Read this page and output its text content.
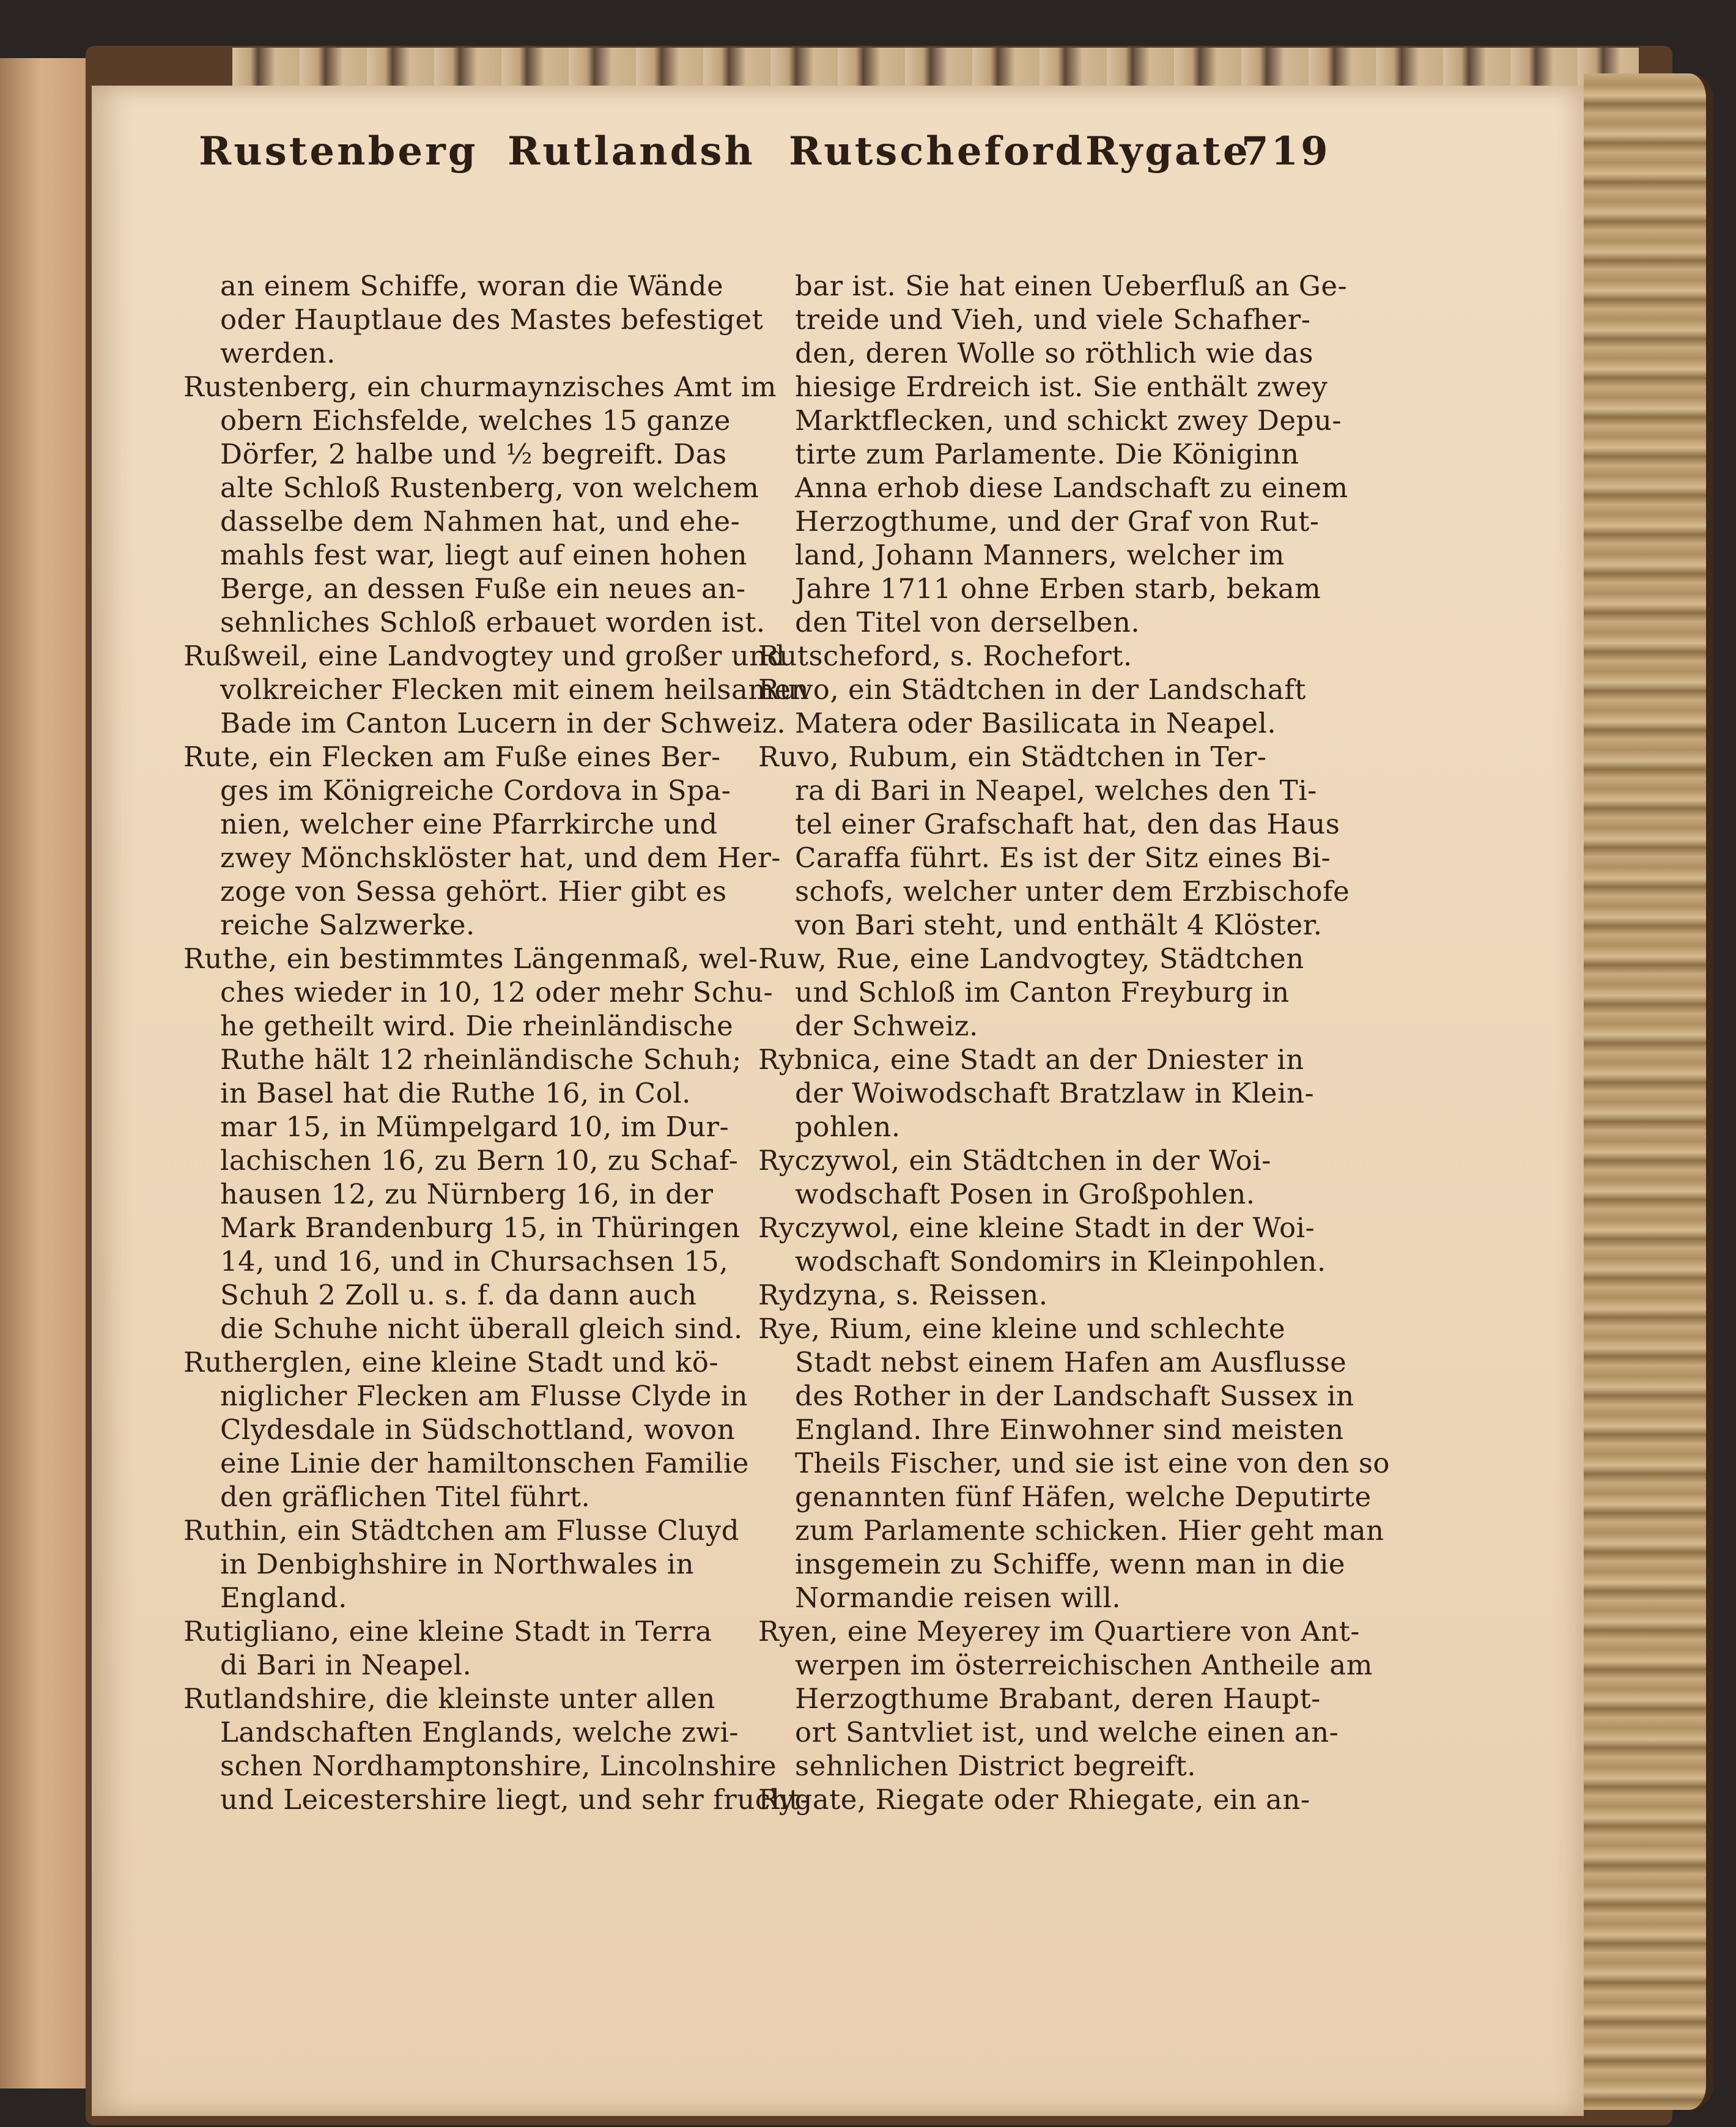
Rustenberg Rutlandsh Rutscheford Rygate
719
an einem Schiffe, woran die Wände
oder Hauptlaue des Mastes befestiget
werden.
Rustenberg, ein churmaynzisches Amt im
obern Eichsfelde, welches 15 ganze
Dörfer, 2 halbe und ½ begreift. Das
alte Schloß Rustenberg, von welchem
dasselbe dem Nahmen hat, und ehe-
mahls fest war, liegt auf einen hohen
Berge, an dessen Fuße ein neues an-
sehnliches Schloß erbauet worden ist.
Rußweil, eine Landvogtey und großer und
volkreicher Flecken mit einem heilsamen
Bade im Canton Lucern in der Schweiz.
Rute, ein Flecken am Fuße eines Ber-
ges im Königreiche Cordova in Spa-
nien, welcher eine Pfarrkirche und
zwey Mönchsklöster hat, und dem Her-
zoge von Sessa gehört. Hier gibt es
reiche Salzwerke.
Ruthe, ein bestimmtes Längenmaß, wel-
ches wieder in 10, 12 oder mehr Schu-
he getheilt wird. Die rheinländische
Ruthe hält 12 rheinländische Schuh;
in Basel hat die Ruthe 16, in Col.
mar 15, in Mümpelgard 10, im Dur-
lachischen 16, zu Bern 10, zu Schaf-
hausen 12, zu Nürnberg 16, in der
Mark Brandenburg 15, in Thüringen
14, und 16, und in Chursachsen 15,
Schuh 2 Zoll u. s. f. da dann auch
die Schuhe nicht überall gleich sind.
Rutherglen, eine kleine Stadt und kö-
niglicher Flecken am Flusse Clyde in
Clydesdale in Südschottland, wovon
eine Linie der hamiltonschen Familie
den gräflichen Titel führt.
Ruthin, ein Städtchen am Flusse Cluyd
in Denbighshire in Northwales in
England.
Rutigliano, eine kleine Stadt in Terra
di Bari in Neapel.
Rutlandshire, die kleinste unter allen
Landschaften Englands, welche zwi-
schen Nordhamptonshire, Lincolnshire
und Leicestershire liegt, und sehr frucht-
bar ist. Sie hat einen Ueberfluß an Ge-
treide und Vieh, und viele Schafher-
den, deren Wolle so röthlich wie das
hiesige Erdreich ist. Sie enthält zwey
Marktflecken, und schickt zwey Depu-
tirte zum Parlamente. Die Königinn
Anna erhob diese Landschaft zu einem
Herzogthume, und der Graf von Rut-
land, Johann Manners, welcher im
Jahre 1711 ohne Erben starb, bekam
den Titel von derselben.
Rutscheford, s. Rochefort.
Ruvo, ein Städtchen in der Landschaft
Matera oder Basilicata in Neapel.
Ruvo, Rubum, ein Städtchen in Ter-
ra di Bari in Neapel, welches den Ti-
tel einer Grafschaft hat, den das Haus
Caraffa führt. Es ist der Sitz eines Bi-
schofs, welcher unter dem Erzbischofe
von Bari steht, und enthält 4 Klöster.
Ruw, Rue, eine Landvogtey, Städtchen
und Schloß im Canton Freyburg in
der Schweiz.
Rybnica, eine Stadt an der Dniester in
der Woiwodschaft Bratzlaw in Klein-
pohlen.
Ryczywol, ein Städtchen in der Woi-
wodschaft Posen in Großpohlen.
Ryczywol, eine kleine Stadt in der Woi-
wodschaft Sondomirs in Kleinpohlen.
Rydzyna, s. Reissen.
Rye, Rium, eine kleine und schlechte
Stadt nebst einem Hafen am Ausflusse
des Rother in der Landschaft Sussex in
England. Ihre Einwohner sind meisten
Theils Fischer, und sie ist eine von den so
genannten fünf Häfen, welche Deputirte
zum Parlamente schicken. Hier geht man
insgemein zu Schiffe, wenn man in die
Normandie reisen will.
Ryen, eine Meyerey im Quartiere von Ant-
werpen im österreichischen Antheile am
Herzogthume Brabant, deren Haupt-
ort Santvliet ist, und welche einen an-
sehnlichen District begreift.
Rygate, Riegate oder Rhiegate, ein an-
